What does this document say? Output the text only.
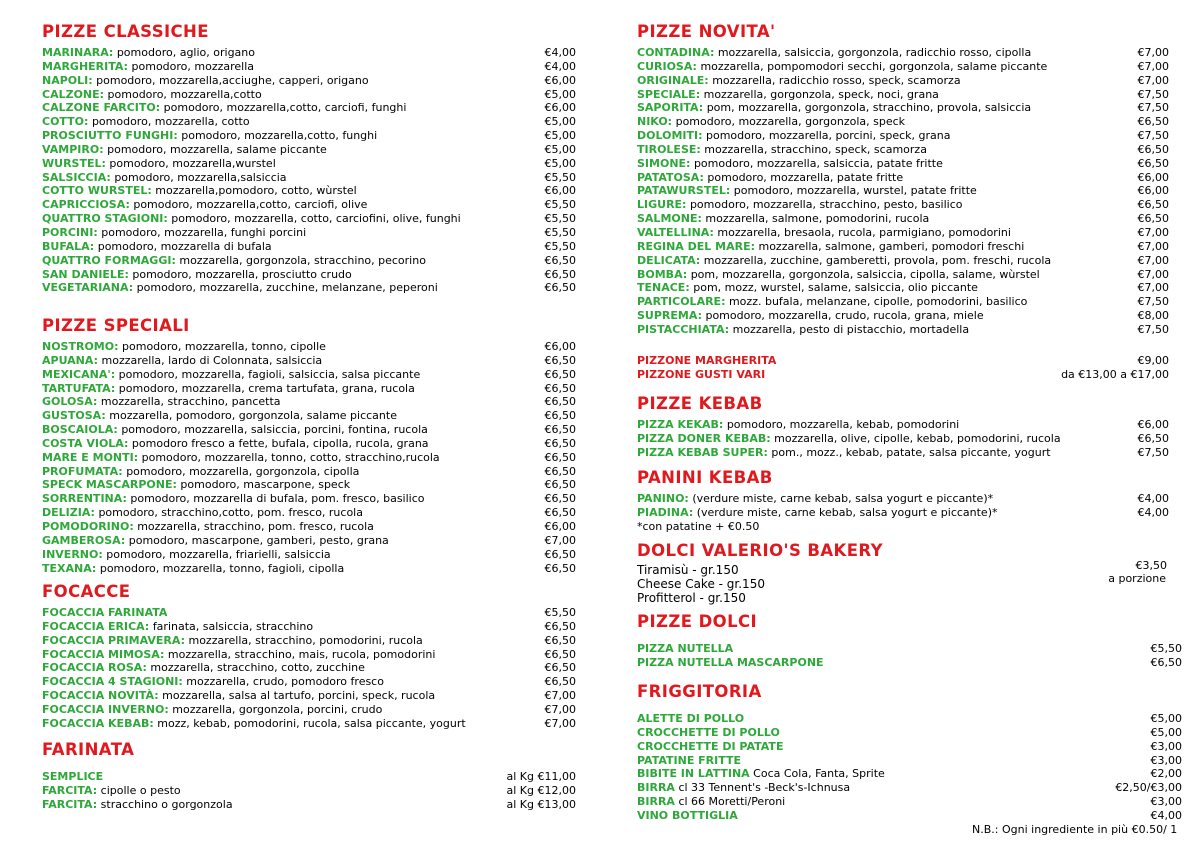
PIZZE CLASSICHE
MARINARA: pomodoro, aglio, origano	€4,00
MARGHERITA: pomodoro, mozzarella	€4,00
NAPOLI: pomodoro, mozzarella,acciughe, capperi, origano	€6,00
CALZONE: pomodoro, mozzarella,cotto	€5,00
CALZONE FARCITO: pomodoro, mozzarella,cotto, carciofi, funghi	€6,00
COTTO: pomodoro, mozzarella, cotto	€5,00
PROSCIUTTO FUNGHI: pomodoro, mozzarella,cotto, funghi	€5,00
VAMPIRO: pomodoro, mozzarella, salame piccante	€5,00
WURSTEL: pomodoro, mozzarella,wurstel	€5,00
SALSICCIA: pomodoro, mozzarella,salsiccia	€5,50
COTTO WURSTEL: mozzarella,pomodoro, cotto, wùrstel	€6,00
CAPRICCIOSA: pomodoro, mozzarella,cotto, carciofi, olive	€5,50
QUATTRO STAGIONI: pomodoro, mozzarella, cotto, carciofini, olive, funghi	€5,50
PORCINI: pomodoro, mozzarella, funghi porcini	€5,50
BUFALA: pomodoro, mozzarella di bufala	€5,50
QUATTRO FORMAGGI: mozzarella, gorgonzola, stracchino, pecorino	€6,50
SAN DANIELE: pomodoro, mozzarella, prosciutto crudo	€6,50
VEGETARIANA: pomodoro, mozzarella, zucchine, melanzane, peperoni	€6,50
PIZZE SPECIALI
NOSTROMO: pomodoro, mozzarella, tonno, cipolle	€6,00
APUANA: mozzarella, lardo di Colonnata, salsiccia	€6,50
MEXICANA': pomodoro, mozzarella, fagioli, salsiccia, salsa piccante	€6,50
TARTUFATA: pomodoro, mozzarella, crema tartufata, grana, rucola	€6,50
GOLOSA: mozzarella, stracchino, pancetta	€6,50
GUSTOSA: mozzarella, pomodoro, gorgonzola, salame piccante	€6,50
BOSCAIOLA: pomodoro, mozzarella, salsiccia, porcini, fontina, rucola	€6,50
COSTA VIOLA: pomodoro fresco a fette, bufala, cipolla, rucola, grana	€6,50
MARE E MONTI: pomodoro, mozzarella, tonno, cotto, stracchino,rucola	€6,50
PROFUMATA: pomodoro, mozzarella, gorgonzola, cipolla	€6,50
SPECK MASCARPONE: pomodoro, mascarpone, speck	€6,50
SORRENTINA: pomodoro, mozzarella di bufala, pom. fresco, basilico	€6,50
DELIZIA: pomodoro, stracchino,cotto, pom. fresco, rucola	€6,50
POMODORINO: mozzarella, stracchino, pom. fresco, rucola	€6,00
GAMBEROSA: pomodoro, mascarpone, gamberi, pesto, grana	€7,00
INVERNO: pomodoro, mozzarella, friarielli, salsiccia	€6,50
TEXANA: pomodoro, mozzarella, tonno, fagioli, cipolla	€6,50
FOCACCE
FOCACCIA FARINATA	€5,50
FOCACCIA ERICA: farinata, salsiccia, stracchino	€6,50
FOCACCIA PRIMAVERA: mozzarella, stracchino, pomodorini, rucola	€6,50
FOCACCIA MIMOSA: mozzarella, stracchino, mais, rucola, pomodorini	€6,50
FOCACCIA ROSA: mozzarella, stracchino, cotto, zucchine	€6,50
FOCACCIA 4 STAGIONI: mozzarella, crudo, pomodoro fresco	€6,50
FOCACCIA NOVITÀ: mozzarella, salsa al tartufo, porcini, speck, rucola	€7,00
FOCACCIA INVERNO: mozzarella, gorgonzola, porcini, crudo	€7,00
FOCACCIA KEBAB: mozz, kebab, pomodorini, rucola, salsa piccante, yogurt	€7,00
FARINATA
SEMPLICE	al Kg €11,00
FARCITA: cipolle o pesto	al Kg €12,00
FARCITA: stracchino o gorgonzola	al Kg €13,00
PIZZE NOVITA'
CONTADINA: mozzarella, salsiccia, gorgonzola, radicchio rosso, cipolla	€7,00
CURIOSA: mozzarella, pompomodori secchi, gorgonzola, salame piccante	€7,00
ORIGINALE: mozzarella, radicchio rosso, speck, scamorza	€7,00
SPECIALE: mozzarella, gorgonzola, speck, noci, grana	€7,50
SAPORITA: pom, mozzarella, gorgonzola, stracchino, provola, salsiccia	€7,50
NIKO: pomodoro, mozzarella, gorgonzola, speck	€6,50
DOLOMITI: pomodoro, mozzarella, porcini, speck, grana	€7,50
TIROLESE: mozzarella, stracchino, speck, scamorza	€6,50
SIMONE: pomodoro, mozzarella, salsiccia, patate fritte	€6,50
PATATOSA: pomodoro, mozzarella, patate fritte	€6,00
PATAWURSTEL: pomodoro, mozzarella, wurstel, patate fritte	€6,00
LIGURE: pomodoro, mozzarella, stracchino, pesto, basilico	€6,50
SALMONE: mozzarella, salmone, pomodorini, rucola	€6,50
VALTELLINA: mozzarella, bresaola, rucola, parmigiano, pomodorini	€7,00
REGINA DEL MARE: mozzarella, salmone, gamberi, pomodori freschi	€7,00
DELICATA: mozzarella, zucchine, gamberetti, provola, pom. freschi, rucola	€7,00
BOMBA: pom, mozzarella, gorgonzola, salsiccia, cipolla, salame, wùrstel	€7,00
TENACE: pom, mozz, wurstel, salame, salsiccia, olio piccante	€7,00
PARTICOLARE: mozz. bufala, melanzane, cipolle, pomodorini, basilico	€7,50
SUPREMA: pomodoro, mozzarella, crudo, rucola, grana, miele	€8,00
PISTACCHIATA: mozzarella, pesto di pistacchio, mortadella	€7,50
PIZZONE MARGHERITA	€9,00
PIZZONE GUSTI VARI	da €13,00 a €17,00
PIZZE KEBAB
PIZZA KEKAB: pomodoro, mozzarella, kebab, pomodorini	€6,00
PIZZA DONER KEBAB: mozzarella, olive, cipolle, kebab, pomodorini, rucola	€6,50
PIZZA KEBAB SUPER: pom., mozz., kebab, patate, salsa piccante, yogurt	€7,50
PANINI KEBAB
PANINO: (verdure miste, carne kebab, salsa yogurt e piccante)*	€4,00
PIADINA: (verdure miste, carne kebab, salsa yogurt e piccante)*	€4,00
*con patatine + €0.50
DOLCI VALERIO'S BAKERY
Tiramisù - gr.150
Cheese Cake - gr.150
Profitterol - gr.150
€3,50
a porzione
PIZZE DOLCI
PIZZA NUTELLA	€5,50
PIZZA NUTELLA MASCARPONE	€6,50
FRIGGITORIA
ALETTE DI POLLO	€5,00
CROCCHETTE DI POLLO	€5,00
CROCCHETTE DI PATATE	€3,00
PATATINE FRITTE	€3,00
BIBITE IN LATTINA Coca Cola, Fanta, Sprite	€2,00
BIRRA cl 33 Tennent's -Beck's-Ichnusa	€2,50/€3,00
BIRRA cl 66 Moretti/Peroni	€3,00
VINO BOTTIGLIA	€4,00
N.B.: Ogni ingrediente in più €0.50/ 1
